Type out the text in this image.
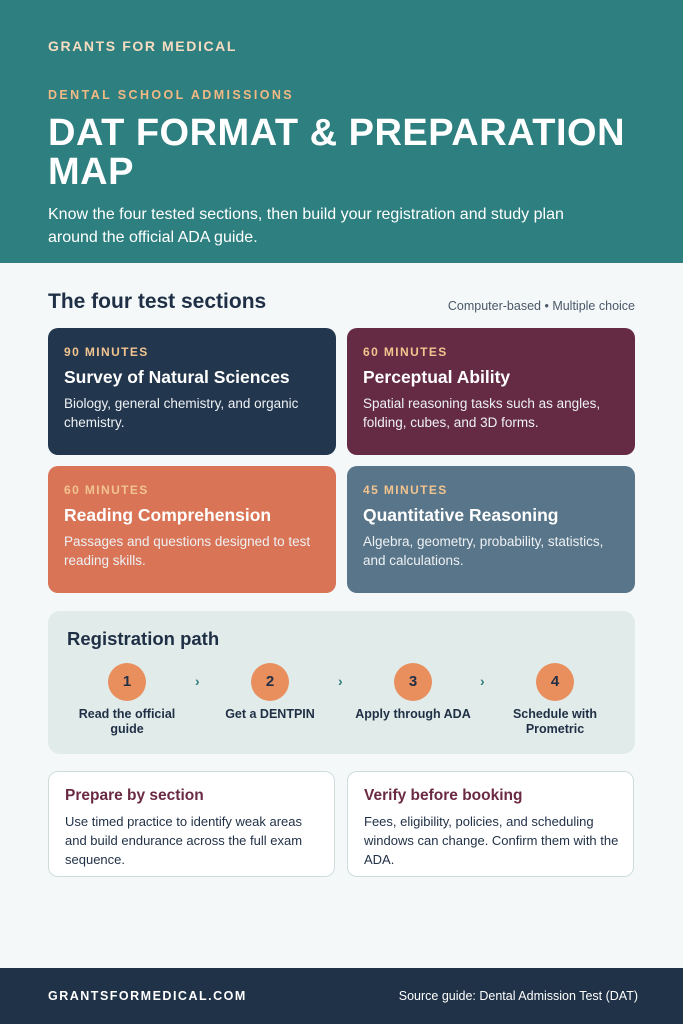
GRANTS FOR MEDICAL
DENTAL SCHOOL ADMISSIONS
DAT FORMAT & PREPARATION MAP
Know the four tested sections, then build your registration and study plan around the official ADA guide.
The four test sections	Computer-based • Multiple choice
90 MINUTES
Survey of Natural Sciences
Biology, general chemistry, and organic chemistry.
60 MINUTES
Perceptual Ability
Spatial reasoning tasks such as angles, folding, cubes, and 3D forms.
60 MINUTES
Reading Comprehension
Passages and questions designed to test reading skills.
45 MINUTES
Quantitative Reasoning
Algebra, geometry, probability, statistics, and calculations.
Registration path
1
Read the official guide
›	2
Get a DENTPIN
›	3
Apply through ADA
›	4
Schedule with Prometric
Prepare by section
Use timed practice to identify weak areas and build endurance across the full exam sequence.
Verify before booking
Fees, eligibility, policies, and scheduling windows can change. Confirm them with the ADA.
GRANTSFORMEDICAL.COM	Source guide: Dental Admission Test (DAT)
